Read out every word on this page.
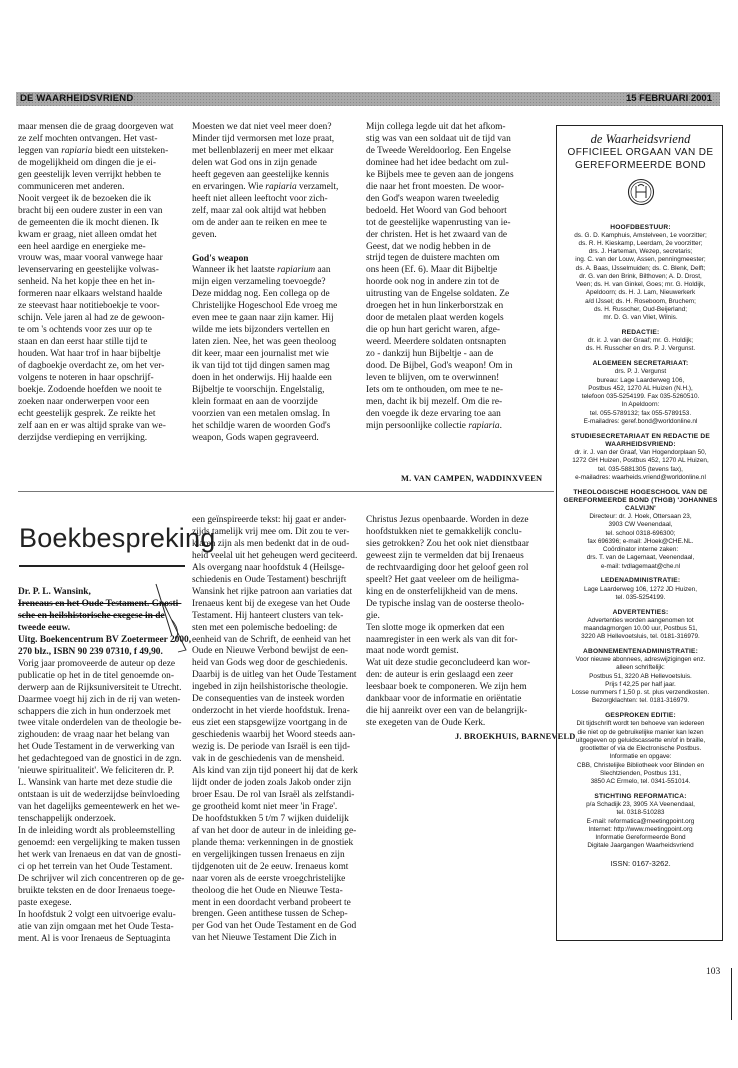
DE WAARHEIDSVRIEND	15 FEBRUARI 2001
maar mensen die de graag doorgeven wat
ze zelf mochten ontvangen. Het vast-
leggen van rapiaria biedt een uitsteken-
de mogelijkheid om dingen die je ei-
gen geestelijk leven verrijkt hebben te
communiceren met anderen.
Nooit vergeet ik de bezoeken die ik
bracht bij een oudere zuster in een van
de gemeenten die ik mocht dienen. Ik
kwam er graag, niet alleen omdat het
een heel aardige en energieke me-
vrouw was, maar vooral vanwege haar
levenservaring en geestelijke volwas-
senheid. Na het kopje thee en het in-
formeren naar elkaars welstand haalde
ze steevast haar notitieboekje te voor-
schijn. Vele jaren al had ze de gewoon-
te om 's ochtends voor zes uur op te
staan en dan eerst haar stille tijd te
houden. Wat haar trof in haar bijbeltje
of dagboekje overdacht ze, om het ver-
volgens te noteren in haar opschrijf-
boekje. Zodoende hoefden we nooit te
zoeken naar onderwerpen voor een
echt geestelijk gesprek. Ze reikte het
zelf aan en er was altijd sprake van we-
derzijdse verdieping en verrijking.
Moesten we dat niet veel meer doen?
Minder tijd vermorsen met loze praat,
met bellenblazerij en meer met elkaar
delen wat God ons in zijn genade
heeft gegeven aan geestelijke kennis
en ervaringen. Wie rapiaria verzamelt,
heeft niet alleen leeftocht voor zich-
zelf, maar zal ook altijd wat hebben
om de ander aan te reiken en mee te
geven.
God's weapon
Wanneer ik het laatste rapiarium aan
mijn eigen verzameling toevoegde?
Deze middag nog. Een collega op de
Christelijke Hogeschool Ede vroeg me
even mee te gaan naar zijn kamer. Hij
wilde me iets bijzonders vertellen en
laten zien. Nee, het was geen theoloog
dit keer, maar een journalist met wie
ik van tijd tot tijd dingen samen mag
doen in het onderwijs. Hij haalde een
Bijbeltje te voorschijn. Engelstalig,
klein formaat en aan de voorzijde
voorzien van een metalen omslag. In
het schildje waren de woorden God's
weapon, Gods wapen gegraveerd.
Mijn collega legde uit dat het afkom-
stig was van een soldaat uit de tijd van
de Tweede Wereldoorlog. Een Engelse
dominee had het idee bedacht om zul-
ke Bijbels mee te geven aan de jongens
die naar het front moesten. De woor-
den God's weapon waren tweeledig
bedoeld. Het Woord van God behoort
tot de geestelijke wapenrusting van ie-
der christen. Het is het zwaard van de
Geest, dat we nodig hebben in de
strijd tegen de duistere machten om
ons heen (Ef. 6). Maar dit Bijbeltje
hoorde ook nog in andere zin tot de
uitrusting van de Engelse soldaten. Ze
droegen het in hun linkerborstzak en
door de metalen plaat werden kogels
die op hun hart gericht waren, afge-
weerd. Meerdere soldaten ontsnapten
zo - dankzij hun Bijbeltje - aan de
dood. De Bijbel, God's weapon! Om in
leven te blijven, om te overwinnen!
Iets om te onthouden, om mee te ne-
men, dacht ik bij mezelf. Om die re-
den voegde ik deze ervaring toe aan
mijn persoonlijke collectie rapiaria.
M. VAN CAMPEN, WADDINXVEEN
Boekbespreking
Dr. P. L. Wansink,
Ireneaus en het Oude Testament. Gnosti-
sche en heilshistorische exegese in de
tweede eeuw.
Uitg. Boekencentrum BV Zoetermeer 2000,
270 blz., ISBN 90 239 07310, f 49,90.
Vorig jaar promoveerde de auteur op deze
publicatie op het in de titel genoemde on-
derwerp aan de Rijksuniversiteit te Utrecht.
Daarmee voegt hij zich in de rij van weten-
schappers die zich in hun onderzoek met
twee vitale onderdelen van de theologie be-
zighouden: de vraag naar het belang van
het Oude Testament in de verwerking van
het gedachtegoed van de gnostici in de zgn.
'nieuwe spiritualiteit'. We feliciteren dr. P.
L. Wansink van harte met deze studie die
ontstaan is uit de wederzijdse beïnvloeding
van het dagelijks gemeentewerk en het we-
tenschappelijk onderzoek.
In de inleiding wordt als probleemstelling
genoemd: een vergelijking te maken tussen
het werk van Irenaeus en dat van de gnosti-
ci op het terrein van het Oude Testament.
De schrijver wil zich concentreren op de ge-
bruikte teksten en de door Irenaeus toege-
paste exegese.
In hoofdstuk 2 volgt een uitvoerige evalu-
atie van zijn omgaan met het Oude Testa-
ment. Al is voor Irenaeus de Septuaginta
een geïnspireerde tekst: hij gaat er ander-
zijds tamelijk vrij mee om. Dit zou te ver-
klaren zijn als men bedenkt dat in de oud-
heid veelal uit het geheugen werd geciteerd.
Als overgang naar hoofdstuk 4 (Heilsge-
schiedenis en Oude Testament) beschrijft
Wansink het rijke patroon aan variaties dat
Irenaeus kent bij de exegese van het Oude
Testament. Hij hanteert clusters van tek-
sten met een polemische bedoeling: de
eenheid van de Schrift, de eenheid van het
Oude en Nieuwe Verbond bewijst de een-
heid van Gods weg door de geschiedenis.
Daarbij is de uitleg van het Oude Testament
ingebed in zijn heilshistorische theologie.
De consequenties van de insteek worden
onderzocht in het vierde hoofdstuk. Irena-
eus ziet een stapsgewijze voortgang in de
geschiedenis waarbij het Woord steeds aan-
wezig is. De periode van Israël is een tijd-
vak in de geschiedenis van de mensheid.
Als kind van zijn tijd poneert hij dat de kerk
lijdt onder de joden zoals Jakob onder zijn
broer Esau. De rol van Israël als zelfstandi-
ge grootheid komt niet meer 'in Frage'.
De hoofdstukken 5 t/m 7 wijken duidelijk
af van het door de auteur in de inleiding ge-
plande thema: verkenningen in de gnostiek
en vergelijkingen tussen Irenaeus en zijn
tijdgenoten uit de 2e eeuw. Irenaeus komt
naar voren als de eerste vroegchristelijke
theoloog die het Oude en Nieuwe Testa-
ment in een doordacht verband probeert te
brengen. Geen antithese tussen de Schep-
per God van het Oude Testament en de God
van het Nieuwe Testament Die Zich in
Christus Jezus openbaarde. Worden in deze
hoofdstukken niet te gemakkelijk conclu-
sies getrokken? Zou het ook niet dienstbaar
geweest zijn te vermelden dat bij Irenaeus
de rechtvaardiging door het geloof geen rol
speelt? Het gaat veeleer om de heiligma-
king en de onsterfelijkheid van de mens.
De typische inslag van de oosterse theolo-
gie.
Ten slotte moge ik opmerken dat een
naamregister in een werk als van dit for-
maat node wordt gemist.
Wat uit deze studie geconcludeerd kan wor-
den: de auteur is erin geslaagd een zeer
leesbaar boek te componeren. We zijn hem
dankbaar voor de informatie en oriëntatie
die hij aanreikt over een van de belangrijk-
ste exegeten van de Oude Kerk.
J. BROEKHUIS, BARNEVELD
de Waarheidsvriend
OFFICIEEL ORGAAN VAN DE
GEREFORMEERDE BOND
HOOFDBESTUUR:
ds. G. D. Kamphuis, Amstelveen, 1e voorzitter;
ds. R. H. Kieskamp, Leerdam, 2e voorzitter;
drs. J. Harteman, Wezep, secretaris;
ing. C. van der Louw, Assen, penningmeester;
ds. A. Baas, IJsselmuiden; ds. C. Blenk, Delft;
dr. G. van den Brink, Bilthoven; A. D. Drost,
Veen; ds. H. van Ginkel, Goes; mr. G. Holdijk,
Apeldoorn; ds. H. J. Lam, Nieuwerkerk
a/d IJssel; ds. H. Roseboom, Bruchem;
ds. H. Russcher, Oud-Beijerland;
mr. D. G. van Vliet, Wilnis.
REDACTIE:
dr. ir. J. van der Graaf; mr. G. Holdijk;
ds. H. Russcher en drs. P. J. Vergunst.
ALGEMEEN SECRETARIAAT:
drs. P. J. Vergunst
bureau: Lage Laarderweg 106,
Postbus 452, 1270 AL Huizen (N.H.),
telefoon 035-5254199. Fax 035-5260510.
In Apeldoorn:
tel. 055-5789132; fax 055-5789153.
E-mailadres: geref.bond@worldonline.nl
STUDIESECRETARIAAT EN REDACTIE DE WAARHEIDSVRIEND:
dr. ir. J. van der Graaf, Van Hogendorplaan 50,
1272 GH Huizen, Postbus 452, 1270 AL Huizen,
tel. 035-5881305 (tevens fax),
e-mailadres: waarheids.vriend@worldonline.nl
THEOLOGISCHE HOGESCHOOL VAN DE GEREFORMEERDE BOND (THGB) 'JOHANNES CALVIJN'
Directeur: dr. J. Hoek, Ottersaan 23,
3903 CW Veenendaal,
tel. school 0318-696300;
fax 696396; e-mail: JHoek@CHE.NL.
Coördinator interne zaken:
drs. T. van de Lagemaat, Veenendaal,
e-mail: tvdlagemaat@che.nl
LEDENADMINISTRATIE:
Lage Laarderweg 106, 1272 JD Huizen,
tel. 035-5254199.
ADVERTENTIES:
Advertenties worden aangenomen tot
maandagmorgen 10.00 uur, Postbus 51,
3220 AB Hellevoetsluis, tel. 0181-316979.
ABONNEMENTENADMINISTRATIE:
Voor nieuwe abonnees, adreswijzigingen enz.
alleen schriftelijk:
Postbus 51, 3220 AB Hellevoetsluis.
Prijs f 42,25 per half jaar.
Losse nummers f 1,50 p. st. plus verzendkosten.
Bezorgklachten: tel. 0181-316979.
GESPROKEN EDITIE:
Dit tijdschrift wordt ten behoeve van iedereen
die niet op de gebruikelijke manier kan lezen
uitgegeven op geluidscassette en/of in braille,
grootletter of via de Electronische Postbus.
Informatie en opgave:
CBB, Christelijke Bibliotheek voor Blinden en
Slechtzienden, Postbus 131,
3850 AC Ermelo, tel. 0341-551014.
STICHTING REFORMATICA:
p/a Schadijk 23, 3905 XA Veenendaal,
tel. 0318-510283
E-mail: reformatica@meetingpoint.org
Internet: http://www.meetingpoint.org
Informatie Gereformeerde Bond
Digitale Jaargangen Waarheidsvriend
ISSN: 0167-3262.
103
